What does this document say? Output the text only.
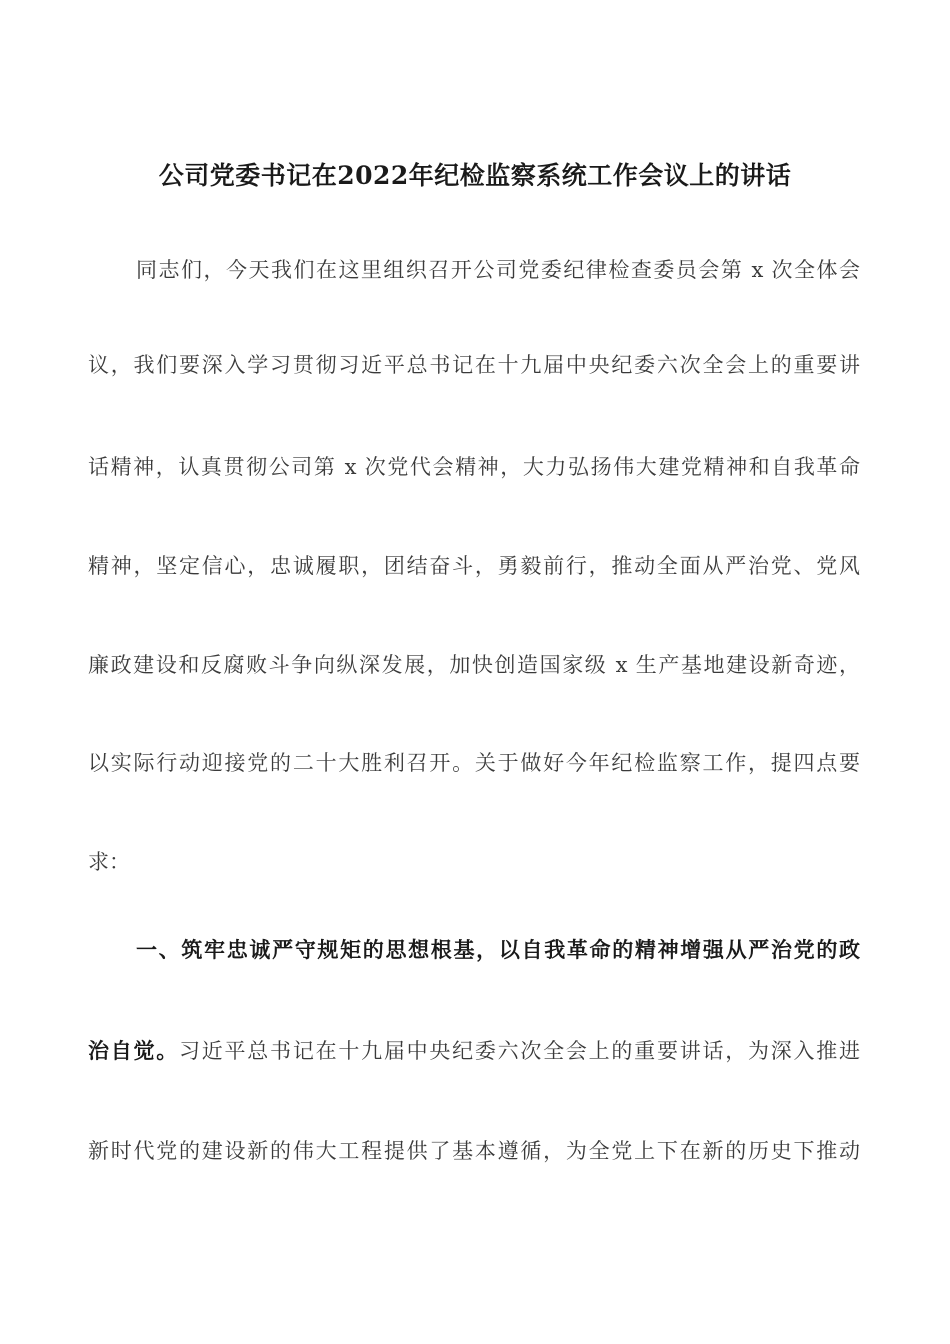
公司党委书记在2022年纪检监察系统工作会议上的讲话
同志们，今天我们在这里组织召开公司党委纪律检查委员会第 x 次全体会
议，我们要深入学习贯彻习近平总书记在十九届中央纪委六次全会上的重要讲
话精神，认真贯彻公司第 x 次党代会精神，大力弘扬伟大建党精神和自我革命
精神，坚定信心，忠诚履职，团结奋斗，勇毅前行，推动全面从严治党、党风
廉政建设和反腐败斗争向纵深发展，加快创造国家级 x 生产基地建设新奇迹，
以实际行动迎接党的二十大胜利召开。关于做好今年纪检监察工作，提四点要
求：
一、筑牢忠诚严守规矩的思想根基，以自我革命的精神增强从严治党的政
治自觉。习近平总书记在十九届中央纪委六次全会上的重要讲话，为深入推进
新时代党的建设新的伟大工程提供了基本遵循，为全党上下在新的历史下推动
